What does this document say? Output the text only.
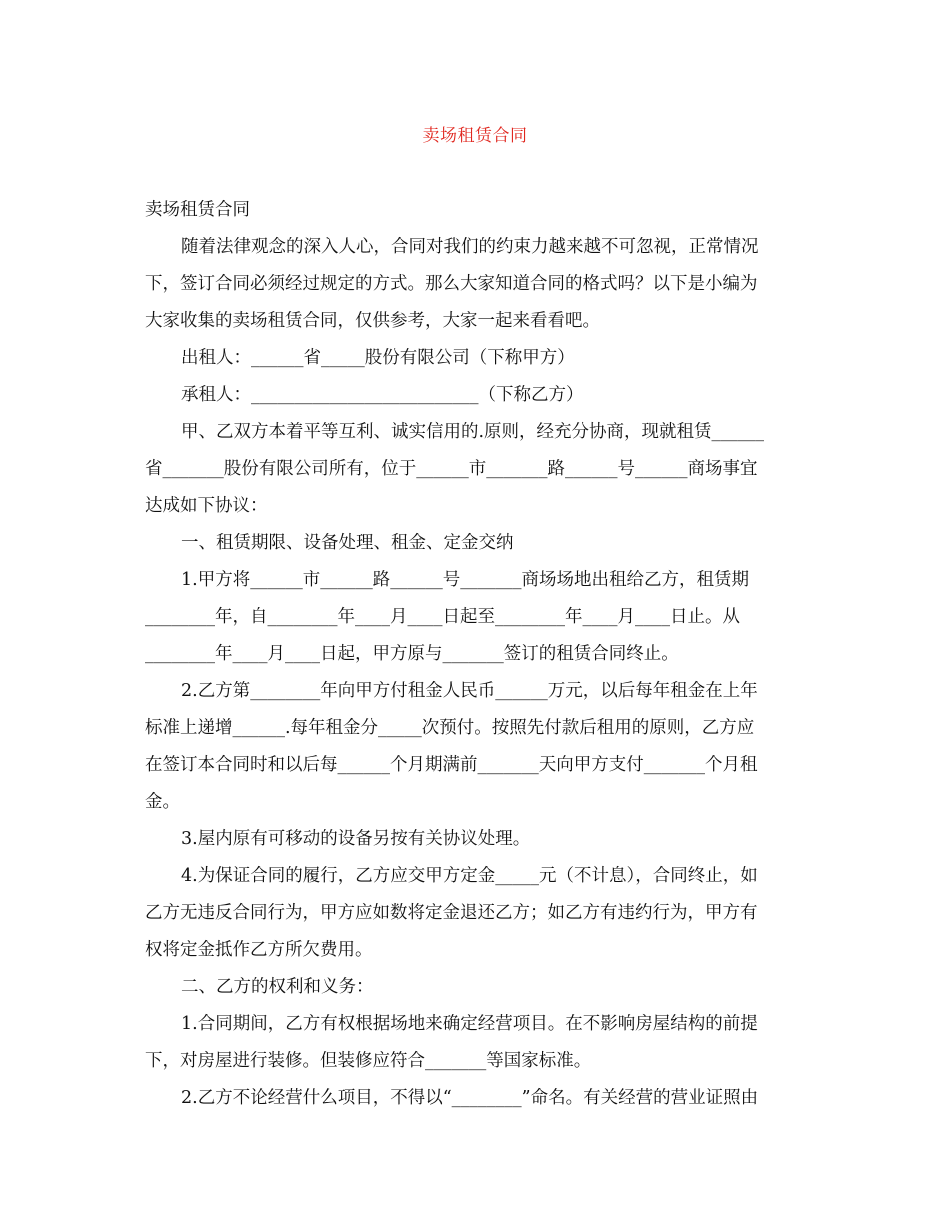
卖场租赁合同
卖场租赁合同
随着法律观念的深入人心，合同对我们的约束力越来越不可忽视，正常情况
下，签订合同必须经过规定的方式。那么大家知道合同的格式吗？以下是小编为
大家收集的卖场租赁合同，仅供参考，大家一起来看看吧。
出租人：______省_____股份有限公司（下称甲方）
承租人：__________________________（下称乙方）
甲、乙双方本着平等互利、诚实信用的.原则，经充分协商，现就租赁______
省_______股份有限公司所有，位于______市_______路______号______商场事宜
达成如下协议：
一、租赁期限、设备处理、租金、定金交纳
1.甲方将______市______路______号_______商场场地出租给乙方，租赁期
________年，自________年____月____日起至________年____月____日止。从
________年____月____日起，甲方原与_______签订的租赁合同终止。
2.乙方第________年向甲方付租金人民币______万元，以后每年租金在上年
标准上递增______.每年租金分_____次预付。按照先付款后租用的原则，乙方应
在签订本合同时和以后每______个月期满前_______天向甲方支付_______个月租
金。
3.屋内原有可移动的设备另按有关协议处理。
4.为保证合同的履行，乙方应交甲方定金_____元（不计息），合同终止，如
乙方无违反合同行为，甲方应如数将定金退还乙方；如乙方有违约行为，甲方有
权将定金抵作乙方所欠费用。
二、乙方的权利和义务：
1.合同期间，乙方有权根据场地来确定经营项目。在不影响房屋结构的前提
下，对房屋进行装修。但装修应符合_______等国家标准。
2.乙方不论经营什么项目，不得以“________”命名。有关经营的营业证照由
